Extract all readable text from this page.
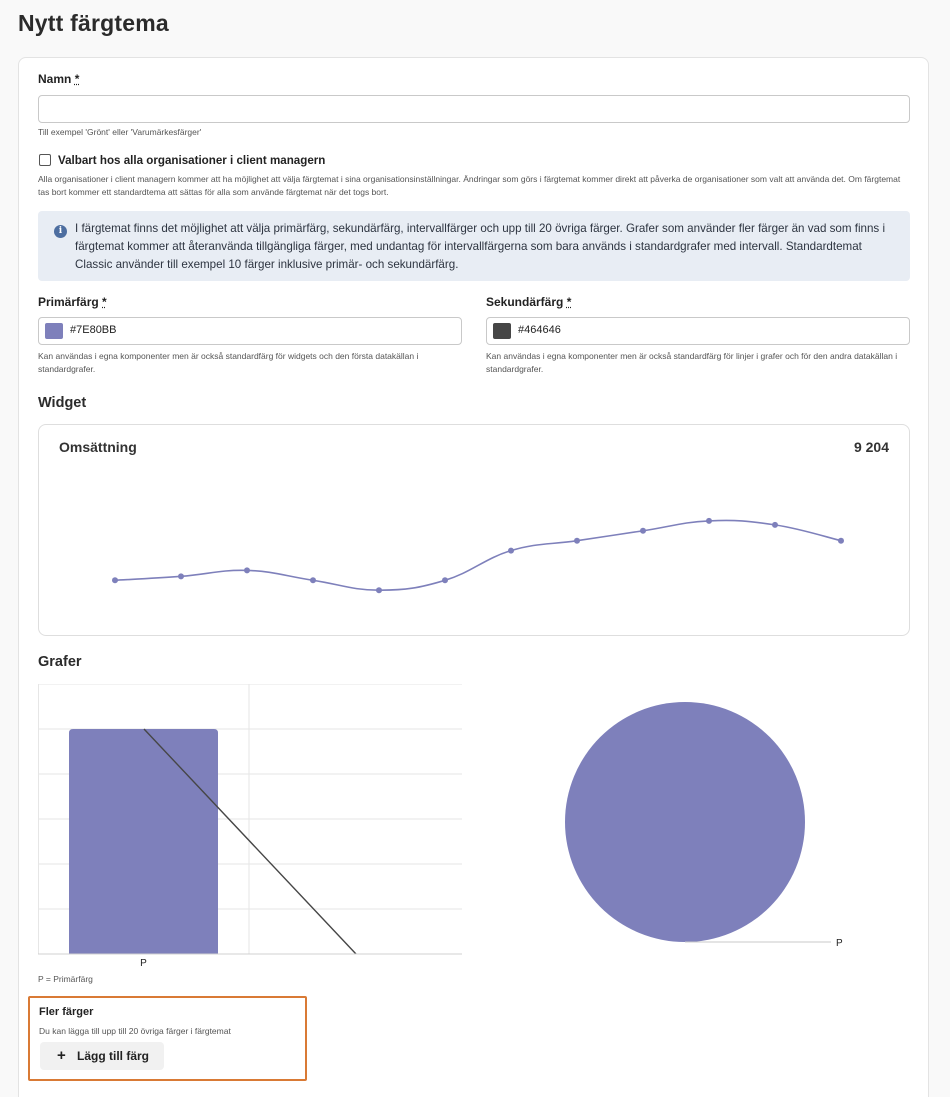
Nytt färgtema
Namn *
Till exempel 'Grönt' eller 'Varumärkesfärger'
Valbart hos alla organisationer i client managern
Alla organisationer i client managern kommer att ha möjlighet att välja färgtemat i sina organisationsinställningar. Ändringar som görs i färgtemat kommer direkt att påverka de organisationer som valt att använda det. Om färgtemat tas bort kommer ett standardtema att sättas för alla som använde färgtemat när det togs bort.
i	I färgtemat finns det möjlighet att välja primärfärg, sekundärfärg, intervallfärger och upp till 20 övriga färger. Grafer som använder fler färger än vad som finns i färgtemat kommer att återanvända tillgängliga färger, med undantag för intervallfärgerna som bara används i standardgrafer med intervall. Standardtemat Classic använder till exempel 10 färger inklusive primär- och sekundärfärg.
Primärfärg *
#7E80BB
Kan användas i egna komponenter men är också standardfärg för widgets och den första datakällan i standardgrafer.
Sekundärfärg *
#464646
Kan användas i egna komponenter men är också standardfärg för linjer i grafer och för den andra datakällan i standardgrafer.
Widget
Omsättning	9 204
Grafer
P
P
P = Primärfärg
Fler färger
Du kan lägga till upp till 20 övriga färger i färgtemat
+ Lägg till färg
